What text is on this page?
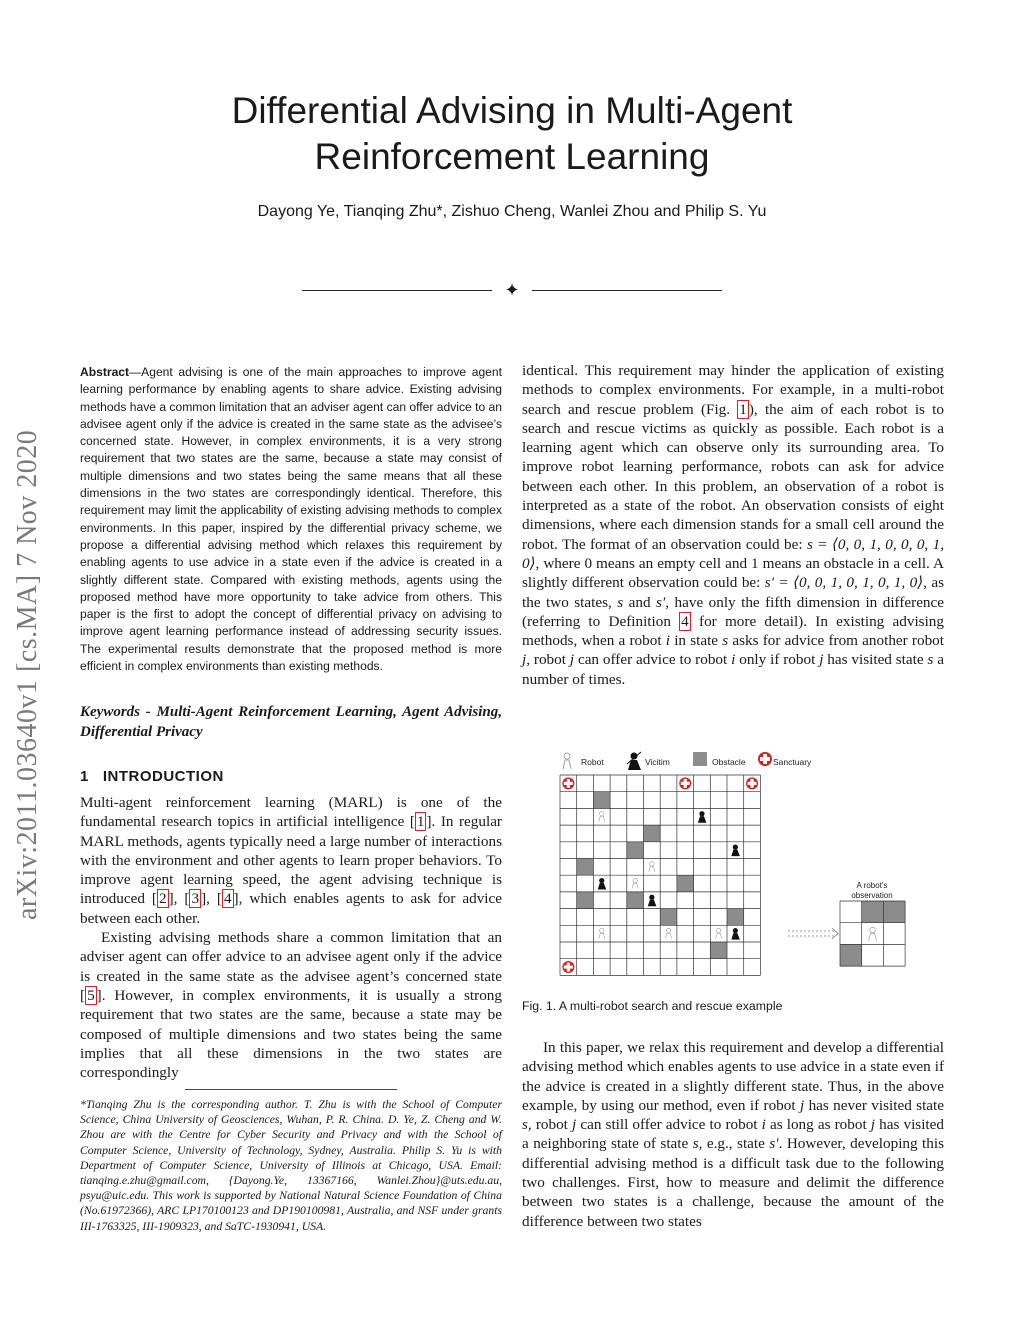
arXiv:2011.03640v1 [cs.MA] 7 Nov 2020
Differential Advising in Multi-Agent Reinforcement Learning
Dayong Ye, Tianqing Zhu*, Zishuo Cheng, Wanlei Zhou and Philip S. Yu
✦
Abstract—Agent advising is one of the main approaches to improve agent learning performance by enabling agents to share advice. Existing advising methods have a common limitation that an adviser agent can offer advice to an advisee agent only if the advice is created in the same state as the advisee’s concerned state. However, in complex environments, it is a very strong requirement that two states are the same, because a state may consist of multiple dimensions and two states being the same means that all these dimensions in the two states are correspondingly identical. Therefore, this requirement may limit the applicability of existing advising methods to complex environments. In this paper, inspired by the differential privacy scheme, we propose a differential advising method which relaxes this requirement by enabling agents to use advice in a state even if the advice is created in a slightly different state. Compared with existing methods, agents using the proposed method have more opportunity to take advice from others. This paper is the first to adopt the concept of differential privacy on advising to improve agent learning performance instead of addressing security issues. The experimental results demonstrate that the proposed method is more efficient in complex environments than existing methods.
Keywords - Multi-Agent Reinforcement Learning, Agent Advising, Differential Privacy
1 INTRODUCTION

Multi-agent reinforcement learning (MARL) is one of the fundamental research topics in artificial intelligence [ 1 ]. In regular MARL methods, agents typically need a large number of interactions with the environment and other agents to learn proper behaviors. To improve agent learning speed, the agent advising technique is introduced [ 2 ], [ 3 ], [ 4 ], which enables agents to ask for advice between each other.

Existing advising methods share a common limitation that an adviser agent can offer advice to an advisee agent only if the advice is created in the same state as the advisee agent’s concerned state [ 5 ]. However, in complex environments, it is usually a strong requirement that two states are the same, because a state may be composed of multiple dimensions and two states being the same implies that all these dimensions in the two states are correspondingly

*Tianqing Zhu is the corresponding author. T. Zhu is with the School of Computer Science, China University of Geosciences, Wuhan, P. R. China. D. Ye, Z. Cheng and W. Zhou are with the Centre for Cyber Security and Privacy and with the School of Computer Science, University of Technology, Sydney, Australia. Philip S. Yu is with Department of Computer Science, University of Illinois at Chicago, USA. Email: tianqing.e.zhu@gmail.com, {Dayong.Ye, 13367166, Wanlei.Zhou}@uts.edu.au, psyu@uic.edu. This work is supported by National Natural Science Foundation of China (No.61972366), ARC LP170100123 and DP190100981, Australia, and NSF under grants III-1763325, III-1909323, and SaTC-1930941, USA.
identical. This requirement may hinder the application of existing methods to complex environments. For example, in a multi-robot search and rescue problem (Fig. 1 ), the aim of each robot is to search and rescue victims as quickly as possible. Each robot is a learning agent which can observe only its surrounding area. To improve robot learning performance, robots can ask for advice between each other. In this problem, an observation of a robot is interpreted as a state of the robot. An observation consists of eight dimensions, where each dimension stands for a small cell around the robot. The format of an observation could be: s = ⟨0, 0, 1, 0, 0, 0, 1, 0⟩, where 0 means an empty cell and 1 means an obstacle in a cell. A slightly different observation could be: s′ = ⟨0, 0, 1, 0, 1, 0, 1, 0⟩, as the two states, s and s′, have only the fifth dimension in difference (referring to Definition 4 for more detail). In existing advising methods, when a robot i in state s asks for advice from another robot j, robot j can offer advice to robot i only if robot j has visited state s a number of times.
Robot	Vicitim	Obstacle	Sanctuary
A robot's
observation
Fig. 1. A multi-robot search and rescue example

In this paper, we relax this requirement and develop a differential advising method which enables agents to use advice in a state even if the advice is created in a slightly different state. Thus, in the above example, by using our method, even if robot j has never visited state s, robot j can still offer advice to robot i as long as robot j has visited a neighboring state of state s, e.g., state s′. However, developing this differential advising method is a difficult task due to the following two challenges. First, how to measure and delimit the difference between two states is a challenge, because the amount of the difference between two states
